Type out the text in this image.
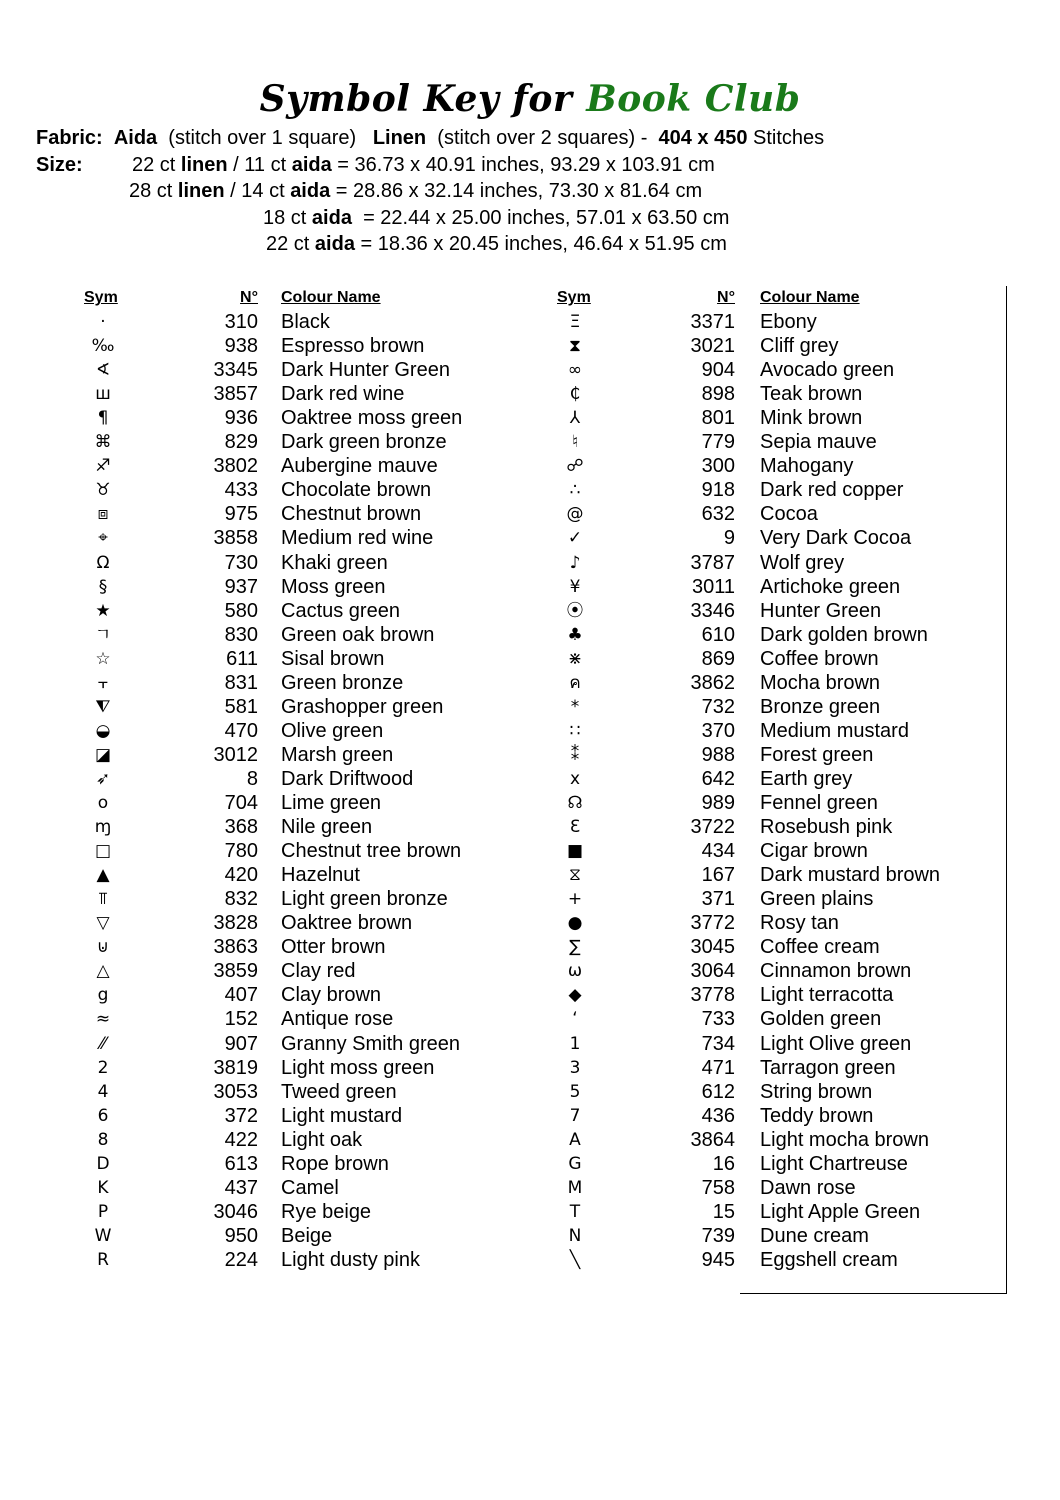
Symbol Key for Book Club
Fabric: Aida (stitch over 1 square) Linen (stitch over 2 squares) - 404 x 450 Stitches
Size: 22 ct linen / 11 ct aida = 36.73 x 40.91 inches, 93.29 x 103.91 cm
28 ct linen / 14 ct aida = 28.86 x 32.14 inches, 73.30 x 81.64 cm
18 ct aida  = 22.44 x 25.00 inches, 57.01 x 63.50 cm
22 ct aida = 18.36 x 20.45 inches, 46.64 x 51.95 cm
Sym	N° Colour Name	Sym	N° Colour Name
·	310 Black
‰	938 Espresso brown
∢	3345 Dark Hunter Green
ш	3857 Dark red wine
¶	936 Oaktree moss green
⌘	829 Dark green bronze
♐	3802 Aubergine mauve
♉	433 Chocolate brown
⧈	975 Chestnut brown
⌖	3858 Medium red wine
Ω	730 Khaki green
§	937 Moss green
★	580 Cactus green
ㄱ	830 Green oak brown
☆	611 Sisal brown
⫟	831 Green bronze
⧨	581 Grashopper green
◒	470 Olive green
◪	3012 Marsh green
➶	8 Dark Driftwood
o	704 Lime green
ɱ	368 Nile green
□	780 Chestnut tree brown
▲	420 Hazelnut
⫪	832 Light green bronze
▽	3828 Oaktree brown
⊍	3863 Otter brown
△	3859 Clay red
g	407 Clay brown
≈	152 Antique rose
⁄⁄	907 Granny Smith green
2	3819 Light moss green
4	3053 Tweed green
6	372 Light mustard
8	422 Light oak
D	613 Rope brown
K	437 Camel
P	3046 Rye beige
W	950 Beige
R	224 Light dusty pink
Ξ	3371 Ebony
⧗	3021 Cliff grey
∞	904 Avocado green
₵	898 Teak brown
⅄	801 Mink brown
♮	779 Sepia mauve
☍	300 Mahogany
∴	918 Dark red copper
@	632 Cocoa
✓	9 Very Dark Cocoa
♪	3787 Wolf grey
¥	3011 Artichoke green
⦿	3346 Hunter Green
♣	610 Dark golden brown
⋇	869 Coffee brown
ค	3862 Mocha brown
*	732 Bronze green
∷	370 Medium mustard
⁑	988 Forest green
x	642 Earth grey
☊	989 Fennel green
Ɛ	3722 Rosebush pink
■	434 Cigar brown
⧖	167 Dark mustard brown
+	371 Green plains
●	3772 Rosy tan
∑	3045 Coffee cream
ω	3064 Cinnamon brown
◆	3778 Light terracotta
ʻ	733 Golden green
1	734 Light Olive green
3	471 Tarragon green
5	612 String brown
7	436 Teddy brown
A	3864 Light mocha brown
G	16 Light Chartreuse
M	758 Dawn rose
T	15 Light Apple Green
N	739 Dune cream
╲	945 Eggshell cream
